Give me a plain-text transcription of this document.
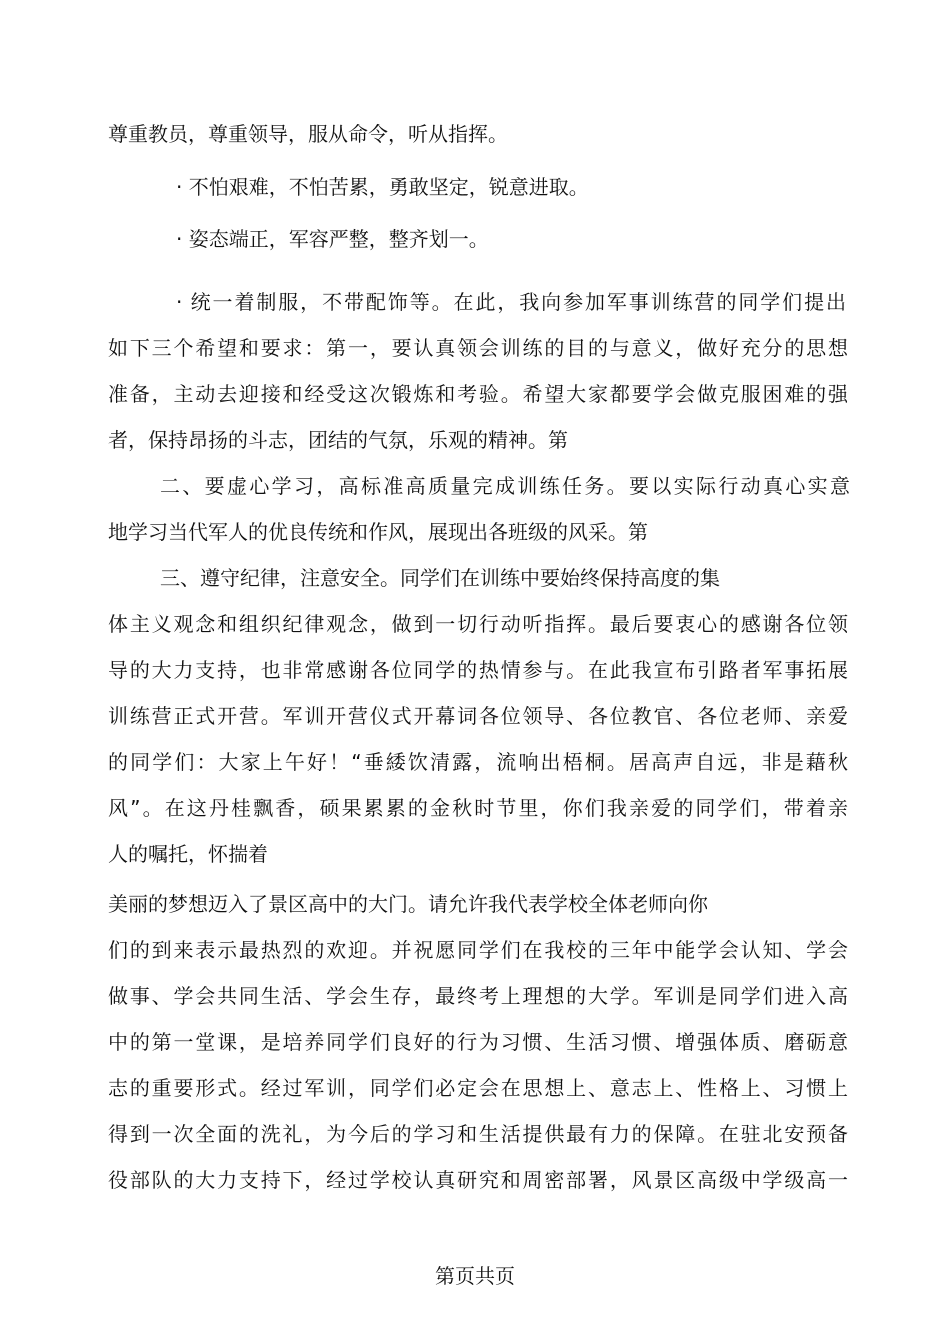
尊重教员，尊重领导，服从命令，听从指挥。
· 不怕艰难，不怕苦累，勇敢坚定，锐意进取。
· 姿态端正，军容严整，整齐划一。
· 统一着制服，不带配饰等。在此，我向参加军事训练营的同学们提出
如下三个希望和要求：第一，要认真领会训练的目的与意义，做好充分的思想
准备，主动去迎接和经受这次锻炼和考验。希望大家都要学会做克服困难的强
者，保持昂扬的斗志，团结的气氛，乐观的精神。第
二、要虚心学习，高标准高质量完成训练任务。要以实际行动真心实意
地学习当代军人的优良传统和作风，展现出各班级的风采。第
三、遵守纪律，注意安全。同学们在训练中要始终保持高度的集
体主义观念和组织纪律观念，做到一切行动听指挥。最后要衷心的感谢各位领
导的大力支持，也非常感谢各位同学的热情参与。在此我宣布引路者军事拓展
训练营正式开营。军训开营仪式开幕词各位领导、各位教官、各位老师、亲爱
的同学们：大家上午好！“垂緌饮清露，流响出梧桐。居高声自远，非是藉秋
风”。在这丹桂飘香，硕果累累的金秋时节里，你们我亲爱的同学们，带着亲
人的嘱托，怀揣着
美丽的梦想迈入了景区高中的大门。请允许我代表学校全体老师向你
们的到来表示最热烈的欢迎。并祝愿同学们在我校的三年中能学会认知、学会
做事、学会共同生活、学会生存，最终考上理想的大学。军训是同学们进入高
中的第一堂课，是培养同学们良好的行为习惯、生活习惯、增强体质、磨砺意
志的重要形式。经过军训，同学们必定会在思想上、意志上、性格上、习惯上
得到一次全面的洗礼，为今后的学习和生活提供最有力的保障。在驻北安预备
役部队的大力支持下，经过学校认真研究和周密部署，风景区高级中学级高一
第页共页
